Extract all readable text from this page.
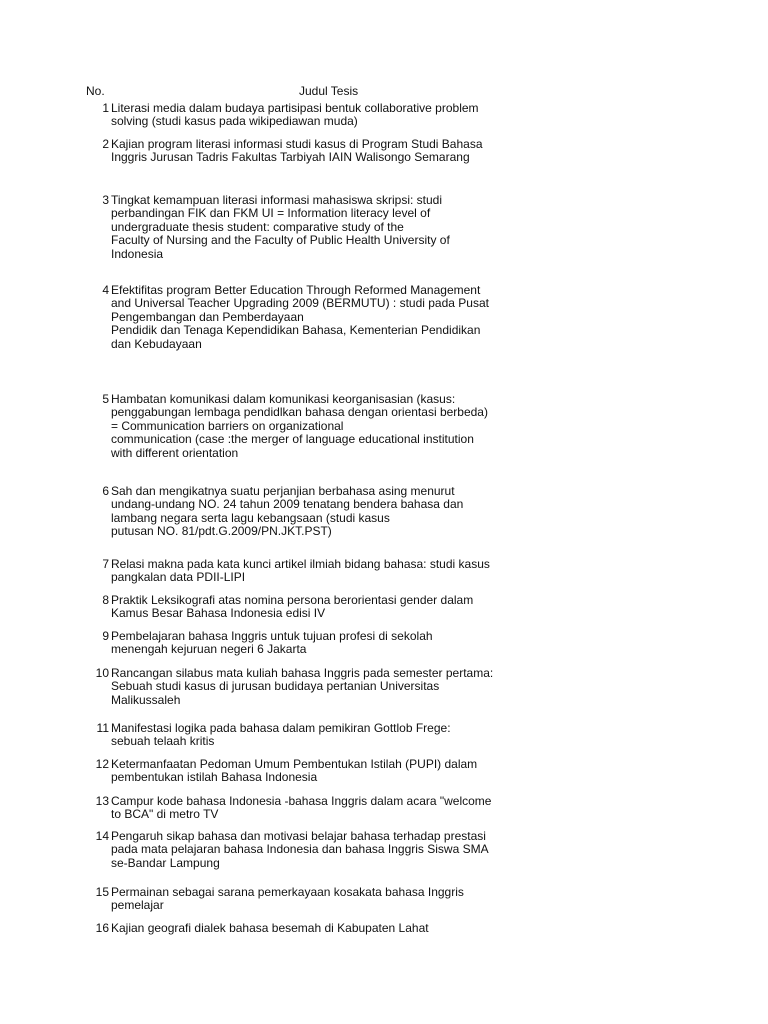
No.	Judul Tesis
1 Literasi media dalam budaya partisipasi bentuk collaborative problem
solving (studi kasus pada wikipediawan muda)
2 Kajian program literasi informasi studi kasus di Program Studi Bahasa
Inggris Jurusan Tadris Fakultas Tarbiyah IAIN Walisongo Semarang
3 Tingkat kemampuan literasi informasi mahasiswa skripsi: studi
perbandingan FIK dan FKM UI = Information literacy level of
undergraduate thesis student: comparative study of the
Faculty of Nursing and the Faculty of Public Health University of
Indonesia
4 Efektifitas program Better Education Through Reformed Management
and Universal Teacher Upgrading 2009 (BERMUTU) : studi pada Pusat
Pengembangan dan Pemberdayaan
Pendidik dan Tenaga Kependidikan Bahasa, Kementerian Pendidikan
dan Kebudayaan
5 Hambatan komunikasi dalam komunikasi keorganisasian (kasus:
penggabungan lembaga pendidlkan bahasa dengan orientasi berbeda)
= Communication barriers on organizational
communication (case :the merger of language educational institution
with different orientation
6 Sah dan mengikatnya suatu perjanjian berbahasa asing menurut
undang-undang NO. 24 tahun 2009 tenatang bendera bahasa dan
lambang negara serta lagu kebangsaan (studi kasus
putusan NO. 81/pdt.G.2009/PN.JKT.PST)
7 Relasi makna pada kata kunci artikel ilmiah bidang bahasa: studi kasus
pangkalan data PDII-LIPI
8 Praktik Leksikografi atas nomina persona berorientasi gender dalam
Kamus Besar Bahasa Indonesia edisi IV
9 Pembelajaran bahasa Inggris untuk tujuan profesi di sekolah
menengah kejuruan negeri 6 Jakarta
10 Rancangan silabus mata kuliah bahasa Inggris pada semester pertama:
Sebuah studi kasus di jurusan budidaya pertanian Universitas
Malikussaleh
11 Manifestasi logika pada bahasa dalam pemikiran Gottlob Frege:
sebuah telaah kritis
12 Ketermanfaatan Pedoman Umum Pembentukan Istilah (PUPI) dalam
pembentukan istilah Bahasa Indonesia
13 Campur kode bahasa Indonesia -bahasa Inggris dalam acara "welcome
to BCA" di metro TV
14 Pengaruh sikap bahasa dan motivasi belajar bahasa terhadap prestasi
pada mata pelajaran bahasa Indonesia dan bahasa Inggris Siswa SMA
se-Bandar Lampung
15 Permainan sebagai sarana pemerkayaan kosakata bahasa Inggris
pemelajar
16 Kajian geografi dialek bahasa besemah di Kabupaten Lahat
